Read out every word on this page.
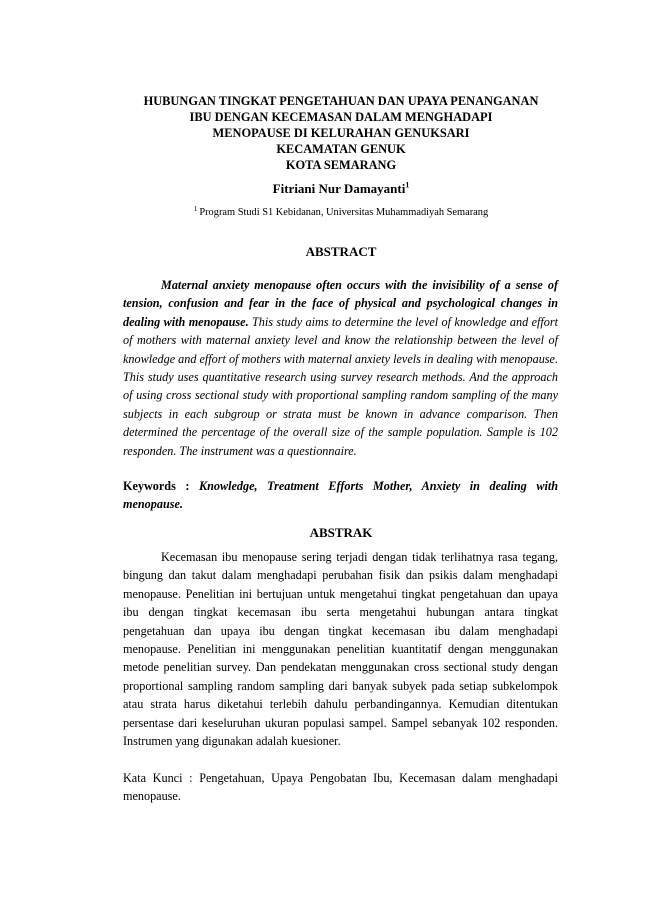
HUBUNGAN TINGKAT PENGETAHUAN DAN UPAYA PENANGANAN
IBU DENGAN KECEMASAN DALAM MENGHADAPI
MENOPAUSE DI KELURAHAN GENUKSARI
KECAMATAN GENUK
KOTA SEMARANG
Fitriani Nur Damayanti$^1$
$^1$ Program Studi S1 Kebidanan, Universitas Muhammadiyah Semarang
ABSTRACT
Maternal anxiety menopause often occurs with the invisibility of a sense of tension, confusion and fear in the face of physical and psychological changes in dealing with menopause. This study aims to determine the level of knowledge and effort of mothers with maternal anxiety level and know the relationship between the level of knowledge and effort of mothers with maternal anxiety levels in dealing with menopause. This study uses quantitative research using survey research methods. And the approach of using cross sectional study with proportional sampling random sampling of the many subjects in each subgroup or strata must be known in advance comparison. Then determined the percentage of the overall size of the sample population. Sample is 102 responden. The instrument was a questionnaire.
Keywords : Knowledge, Treatment Efforts Mother, Anxiety in dealing with menopause.
ABSTRAK
Kecemasan ibu menopause sering terjadi dengan tidak terlihatnya rasa tegang, bingung dan takut dalam menghadapi perubahan fisik dan psikis dalam menghadapi menopause. Penelitian ini bertujuan untuk mengetahui tingkat pengetahuan dan upaya ibu dengan tingkat kecemasan ibu serta mengetahui hubungan antara tingkat pengetahuan dan upaya ibu dengan tingkat kecemasan ibu dalam menghadapi menopause. Penelitian ini menggunakan penelitian kuantitatif dengan menggunakan metode penelitian survey. Dan pendekatan menggunakan cross sectional study dengan proportional sampling random sampling dari banyak subyek pada setiap subkelompok atau strata harus diketahui terlebih dahulu perbandingannya. Kemudian ditentukan persentase dari keseluruhan ukuran populasi sampel. Sampel sebanyak 102 responden. Instrumen yang digunakan adalah kuesioner.
Kata Kunci : Pengetahuan, Upaya Pengobatan Ibu, Kecemasan dalam menghadapi menopause.
